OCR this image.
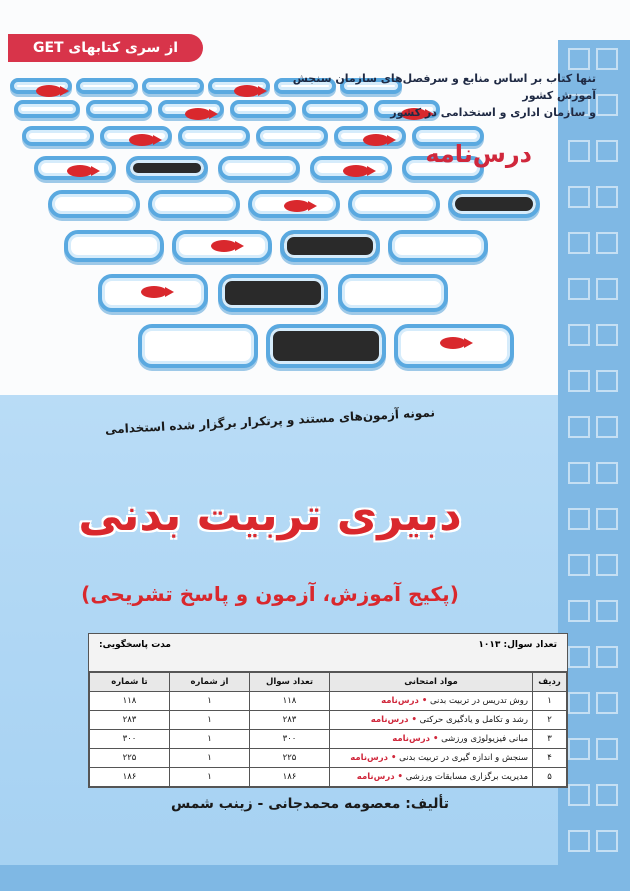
از سری کتابهای GET
تنها کتاب بر اساس منابع و سرفصل‌های سازمان سنجش آموزش کشور
و سازمان اداری و استخدامی در کشور
درس‌نامه
نمونه آزمون‌های مستند و پرتکرار برگزار شده استخدامی
دبیری تربیت بدنی
(پکیج آموزش، آزمون و پاسخ تشریحی)
تعداد سوال: ۱۰۱۳
مدت پاسخگویی:
ردیف	مواد امتحانی	تعداد سوال	از شماره	تا شماره
۱	روش تدریس در تربیت بدنی • درس‌نامه	۱۱۸	۱	۱۱۸
۲	رشد و تکامل و یادگیری حرکتی • درس‌نامه	۲۸۳	۱	۲۸۳
۳	مبانی فیزیولوژی ورزشی • درس‌نامه	۳۰۰	۱	۳۰۰
۴	سنجش و اندازه گیری در تربیت بدنی • درس‌نامه	۲۲۵	۱	۲۲۵
۵	مدیریت برگزاری مسابقات ورزشی • درس‌نامه	۱۸۶	۱	۱۸۶
تألیف: معصومه محمدجانی - زینب شمس
